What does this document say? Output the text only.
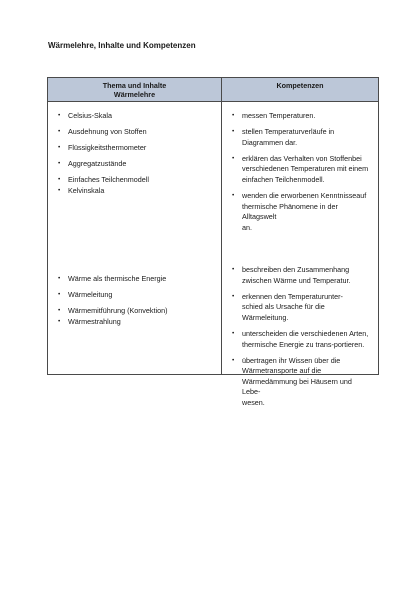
Wärmelehre, Inhalte und Kompetenzen
Thema und Inhalte
Wärmelehre
Kompetenzen
• Celsius-Skala
• Ausdehnung von Stoffen
• Flüssigkeitsthermometer
• Aggregatzustände
• Einfaches Teilchenmodell
• Kelvinskala
• Wärme als thermische Energie
• Wärmeleitung
• Wärmemitführung (Konvektion)
• Wärmestrahlung
• messen Temperaturen.
• stellen Temperaturverläufe in
Diagrammen dar.
• erklären das Verhalten von Stoffenbei
verschiedenen Temperaturen mit einem
einfachen Teilchenmodell.
• wenden die erworbenen Kenntnisseauf
thermische Phänomene in der Alltagswelt
an.
• beschreiben den Zusammenhang
zwischen Wärme und Temperatur.
• erkennen den Temperaturunter-
schied als Ursache für die
Wärmeleitung.
• unterscheiden die verschiedenen Arten,
thermische Energie zu trans-portieren.
• übertragen ihr Wissen über die
Wärmetransporte auf die
Wärmedämmung bei Häusern und Lebe-
wesen.
